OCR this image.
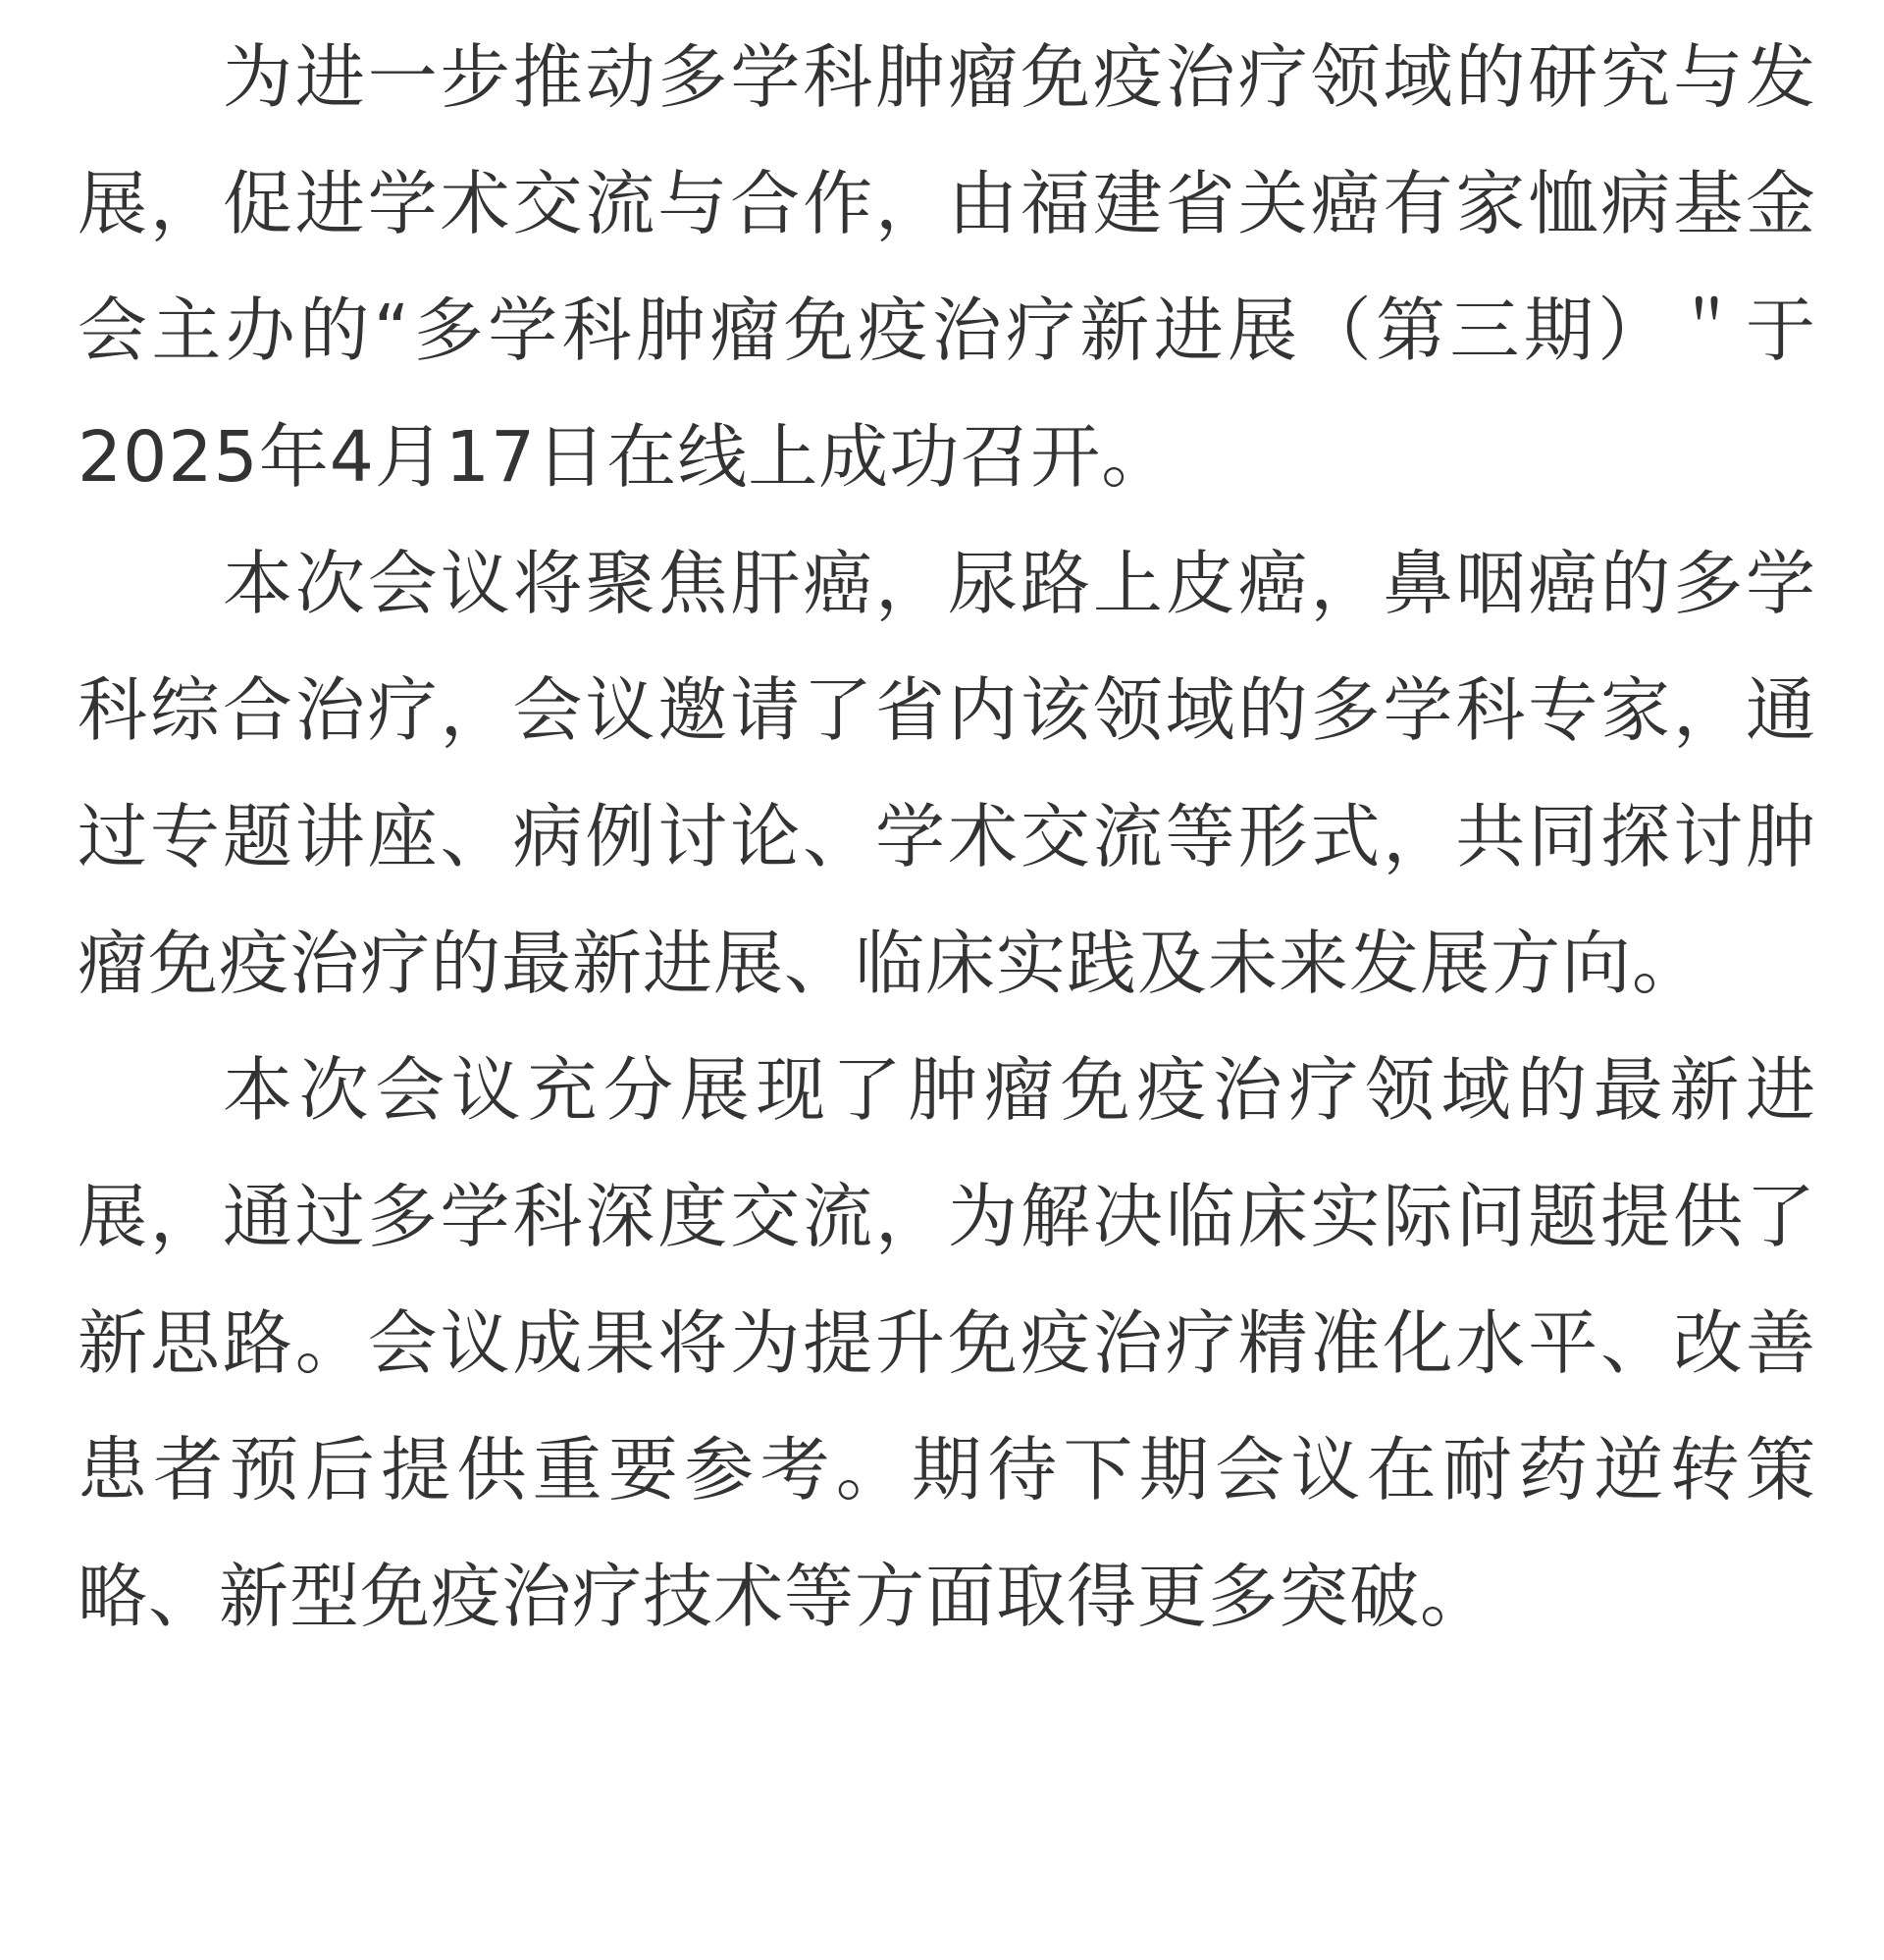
为进一步推动多学科肿瘤免疫治疗领域的研究与发
展，促进学术交流与合作，由福建省关癌有家恤病基金
会主办的“多学科肿瘤免疫治疗新进展（第三期）＂于
2025年4月17日在线上成功召开。

本次会议将聚焦肝癌，尿路上皮癌，鼻咽癌的多学
科综合治疗，会议邀请了省内该领域的多学科专家，通
过专题讲座、病例讨论、学术交流等形式，共同探讨肿
瘤免疫治疗的最新进展、临床实践及未来发展方向。

本次会议充分展现了肿瘤免疫治疗领域的最新进
展，通过多学科深度交流，为解决临床实际问题提供了
新思路。会议成果将为提升免疫治疗精准化水平、改善
患者预后提供重要参考。期待下期会议在耐药逆转策
略、新型免疫治疗技术等方面取得更多突破。
